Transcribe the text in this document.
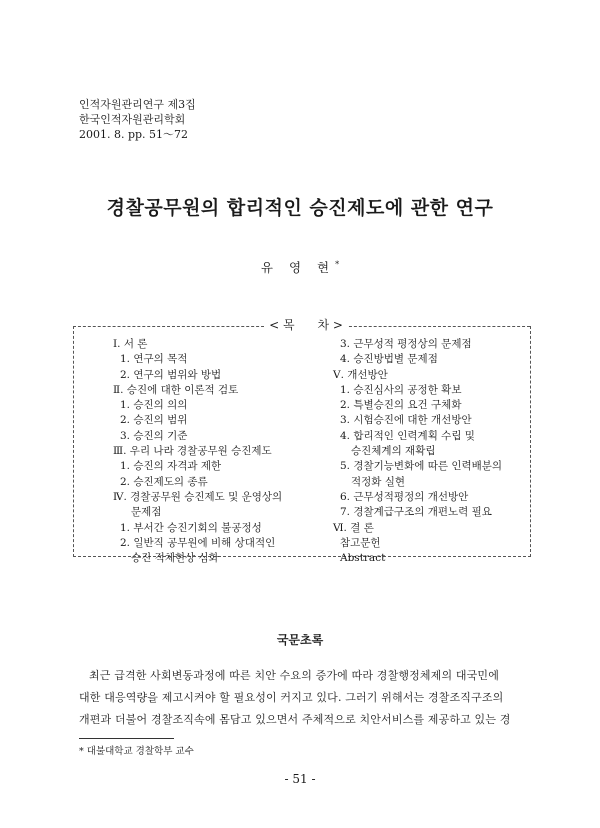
인적자원관리연구 제3집
한국인적자원관리학회
2001. 8. pp. 51～72
경찰공무원의 합리적인 승진제도에 관한 연구
유 영 현*
< 목      차 >
Ⅰ. 서 론
1. 연구의 목적
2. 연구의 범위와 방법
Ⅱ. 승진에 대한 이론적 검토
1. 승진의 의의
2. 승진의 범위
3. 승진의 기준
Ⅲ. 우리 나라 경찰공무원 승진제도
1. 승진의 자격과 제한
2. 승진제도의 종류
Ⅳ. 경찰공무원 승진제도 및 운영상의
문제점
1. 부서간 승진기회의 불공정성
2. 일반직 공무원에 비해 상대적인
승진 적체현상 심화
3. 근무성적 평정상의 문제점
4. 승진방법별 문제점
Ⅴ. 개선방안
1. 승진심사의 공정한 확보
2. 특별승진의 요건 구체화
3. 시험승진에 대한 개선방안
4. 합리적인 인력계획 수립 및
승진체계의 재확립
5. 경찰기능변화에 따른 인력배분의
적정화 실현
6. 근무성적평정의 개선방안
7. 경찰계급구조의 개편노력 필요
Ⅵ. 결 론
참고문헌
Abstract
국문초록
최근 급격한 사회변동과정에 따른 치안 수요의 증가에 따라 경찰행정체제의 대국민에
대한 대응역량을 제고시켜야 할 필요성이 커지고 있다. 그러기 위해서는 경찰조직구조의
개편과 더불어 경찰조직속에 몸담고 있으면서 주체적으로 치안서비스를 제공하고 있는 경
* 대불대학교 경찰학부 교수
- 51 -
